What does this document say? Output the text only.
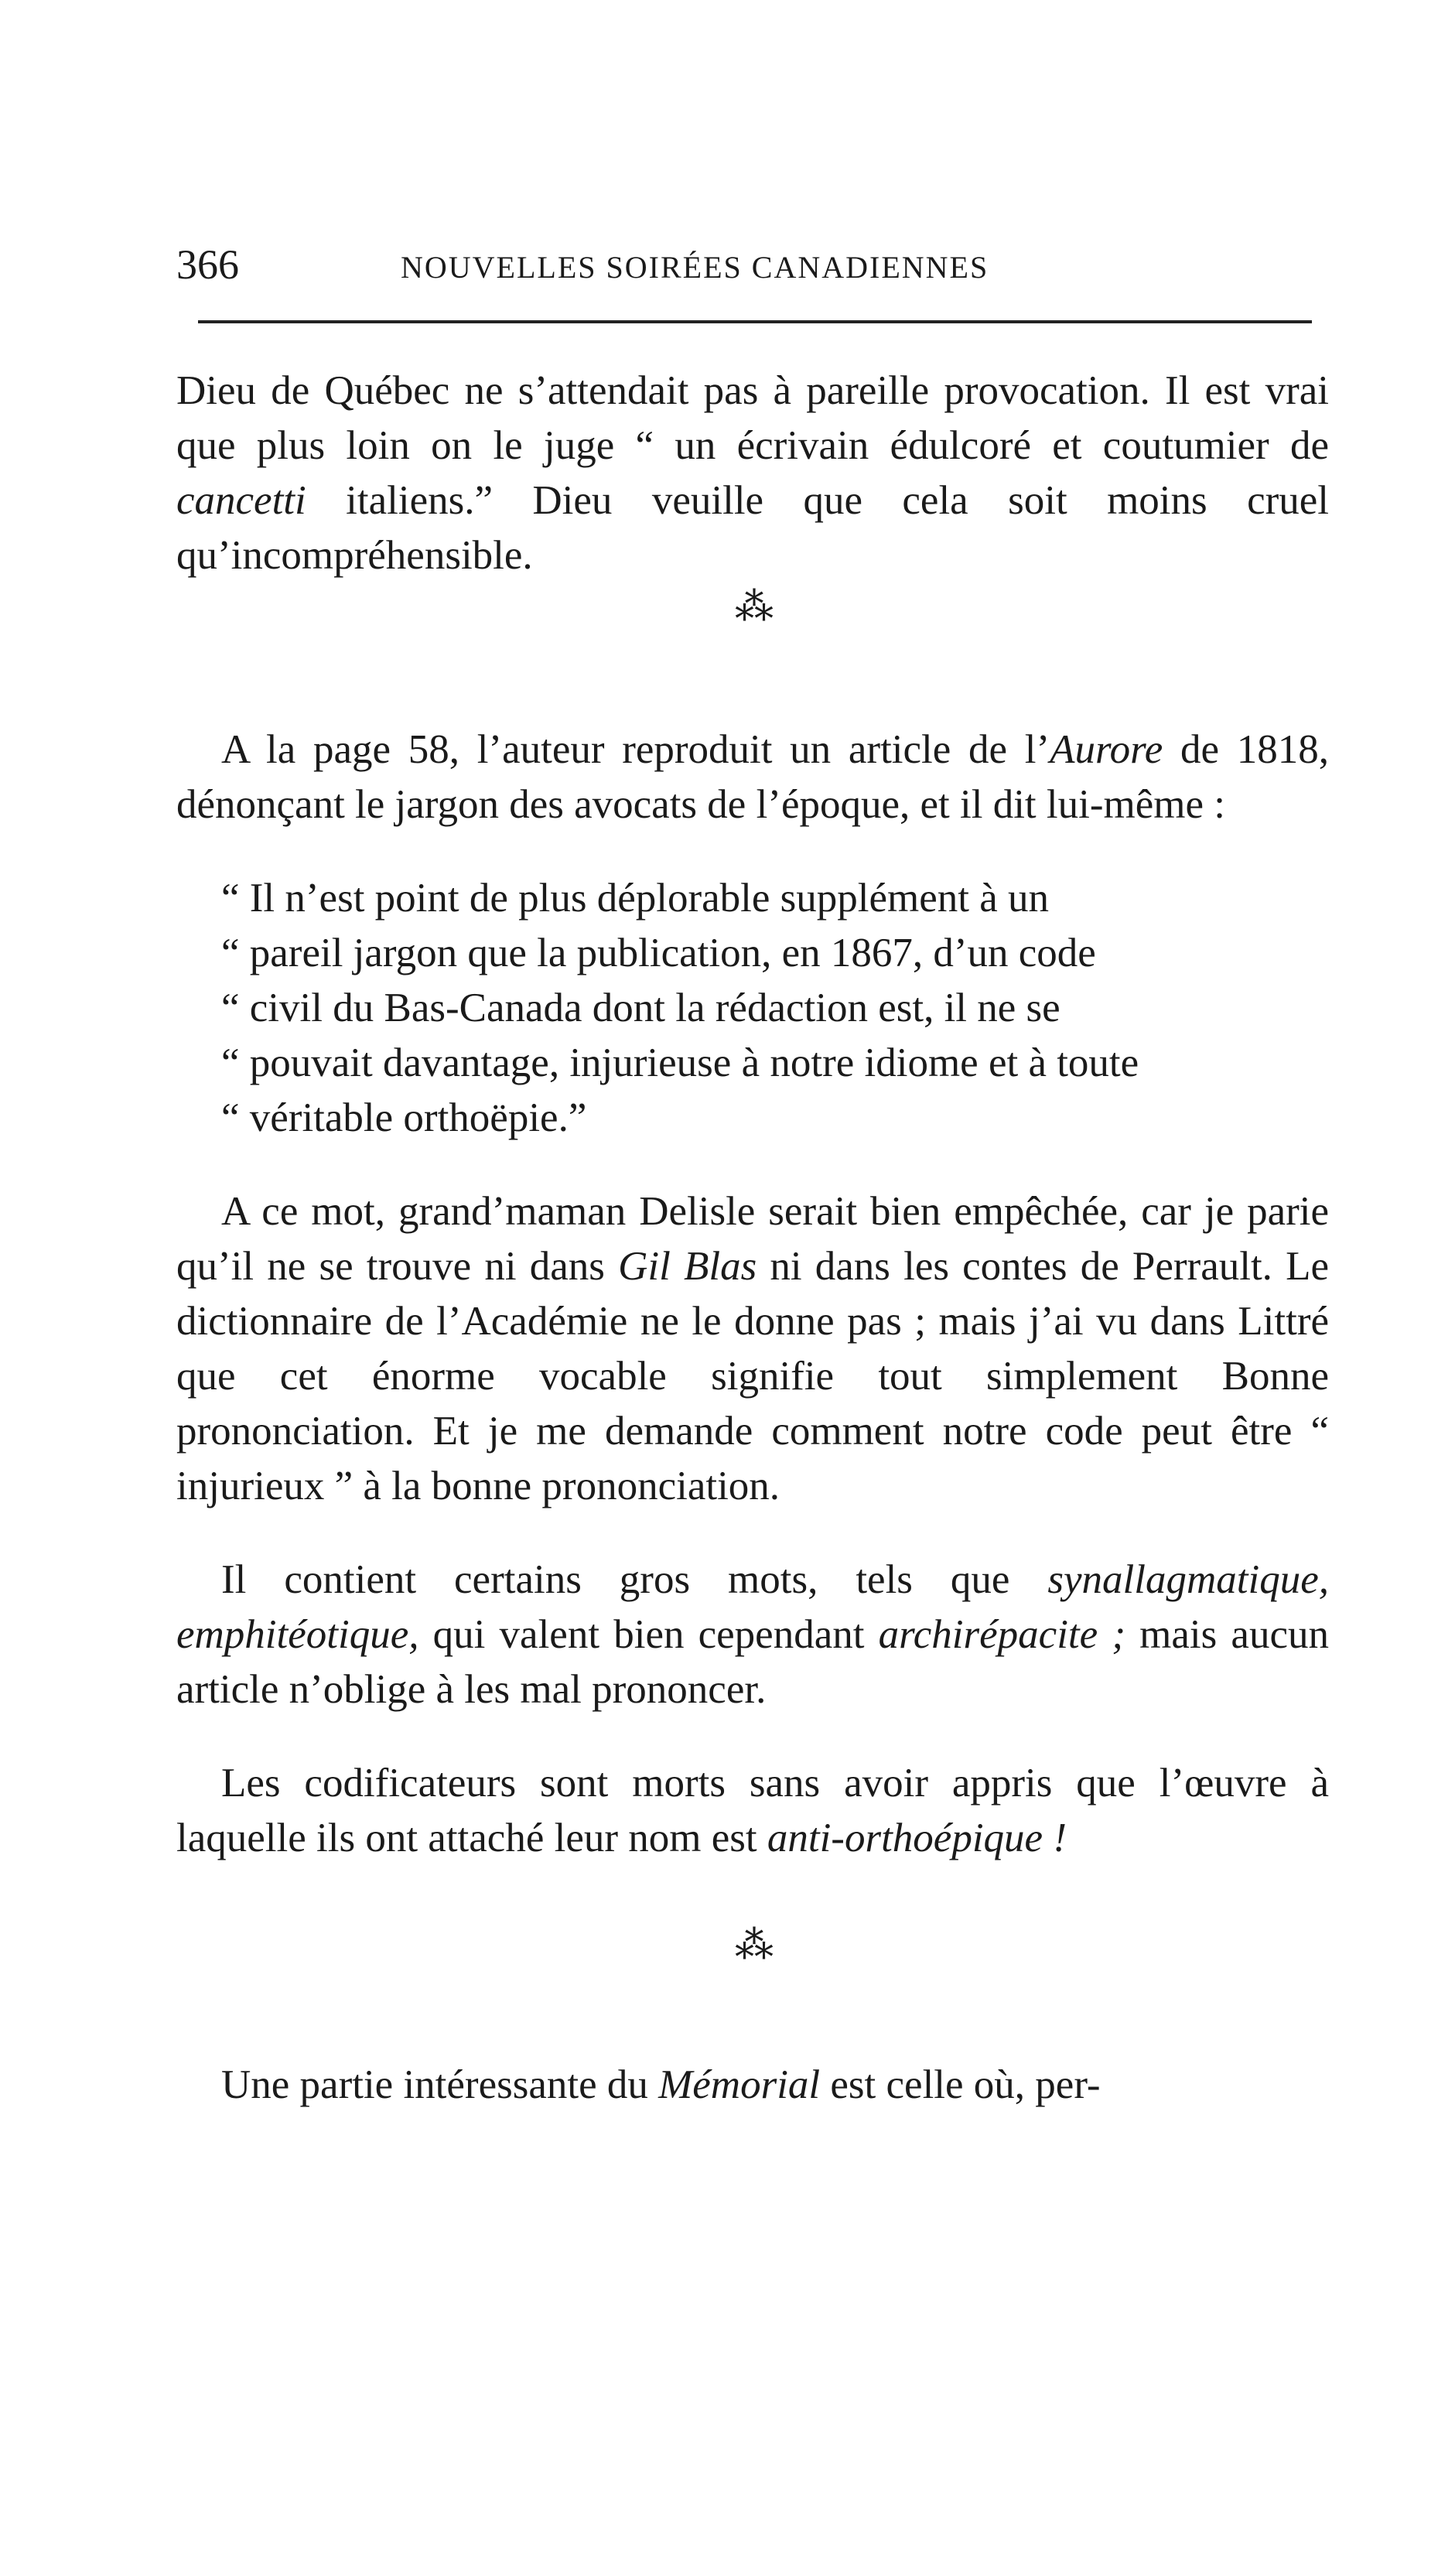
366	NOUVELLES SOIRÉES CANADIENNES

Dieu de Québec ne s’attendait pas à pareille provocation. Il est vrai que plus loin on le juge “ un écrivain édulcoré et coutumier de cancetti italiens.” Dieu veuille que cela soit moins cruel qu’incompréhensible.

⁂

A la page 58, l’auteur reproduit un article de l’Aurore de 1818, dénonçant le jargon des avocats de l’époque, et il dit lui-même :

“ Il n’est point de plus déplorable supplément à un
“ pareil jargon que la publication, en 1867, d’un code
“ civil du Bas-Canada dont la rédaction est, il ne se
“ pouvait davantage, injurieuse à notre idiome et à toute
“ véritable orthoëpie.”

A ce mot, grand’maman Delisle serait bien empêchée, car je parie qu’il ne se trouve ni dans Gil Blas ni dans les contes de Perrault. Le dictionnaire de l’Académie ne le donne pas ; mais j’ai vu dans Littré que cet énorme vocable signifie tout simplement Bonne prononciation. Et je me demande comment notre code peut être “ injurieux ” à la bonne prononciation.

Il contient certains gros mots, tels que synallagmatique, emphitéotique, qui valent bien cependant archirépacite ; mais aucun article n’oblige à les mal prononcer.

Les codificateurs sont morts sans avoir appris que l’œuvre à laquelle ils ont attaché leur nom est anti-orthoépique !

⁂

Une partie intéressante du Mémorial est celle où, per-
